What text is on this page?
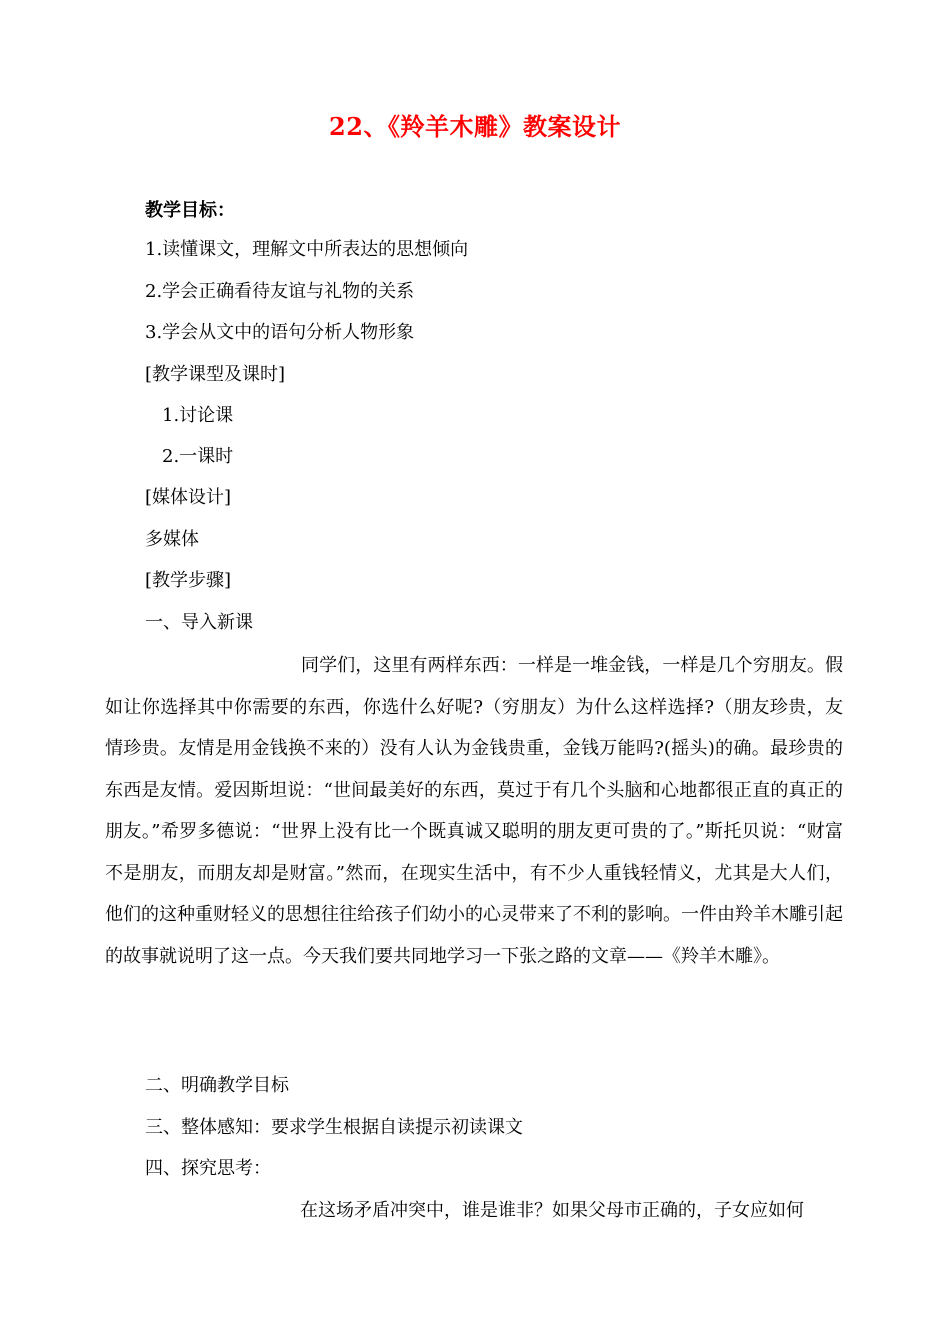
22、《羚羊木雕》教案设计
教学目标：
1.读懂课文，理解文中所表达的思想倾向
2.学会正确看待友谊与礼物的关系
3.学会从文中的语句分析人物形象
[教学课型及课时]
1.讨论课
2.一课时
[媒体设计]
多媒体
[教学步骤]
一、导入新课
同学们，这里有两样东西：一样是一堆金钱，一样是几个穷朋友。假如让你选择其中你需要的东西，你选什么好呢?（穷朋友）为什么这样选择?（朋友珍贵，友情珍贵。友情是用金钱换不来的）没有人认为金钱贵重，金钱万能吗?(摇头)的确。最珍贵的东西是友情。爱因斯坦说：“世间最美好的东西，莫过于有几个头脑和心地都很正直的真正的朋友。”希罗多德说：“世界上没有比一个既真诚又聪明的朋友更可贵的了。”斯托贝说：“财富不是朋友，而朋友却是财富。”然而，在现实生活中，有不少人重钱轻情义，尤其是大人们，他们的这种重财轻义的思想往往给孩子们幼小的心灵带来了不利的影响。一件由羚羊木雕引起的故事就说明了这一点。今天我们要共同地学习一下张之路的文章——《羚羊木雕》。
二、明确教学目标
三、整体感知：要求学生根据自读提示初读课文
四、探究思考：
在这场矛盾冲突中，谁是谁非？如果父母市正确的，子女应如何
